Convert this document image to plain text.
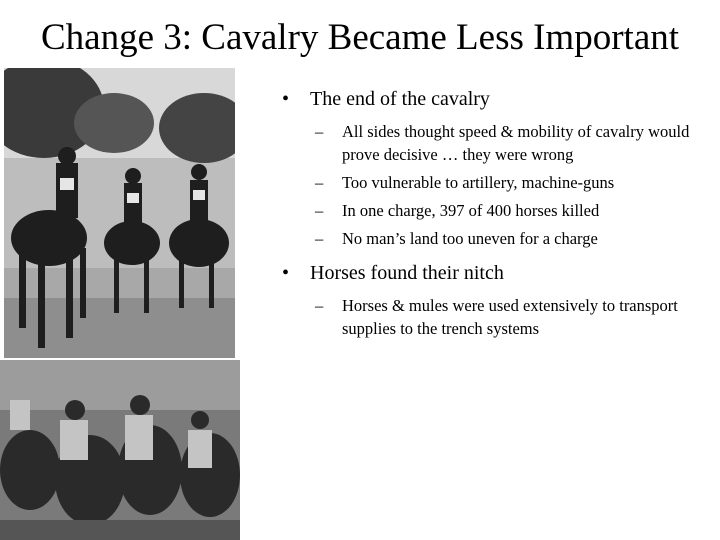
Change 3: Cavalry Became Less Important
• The end of the cavalry
– All sides thought speed & mobility of cavalry would prove decisive … they were wrong
– Too vulnerable to artillery, machine-guns
– In one charge, 397 of 400 horses killed
– No man’s land too uneven for a charge
• Horses found their nitch
– Horses & mules were used extensively to transport supplies to the trench systems
